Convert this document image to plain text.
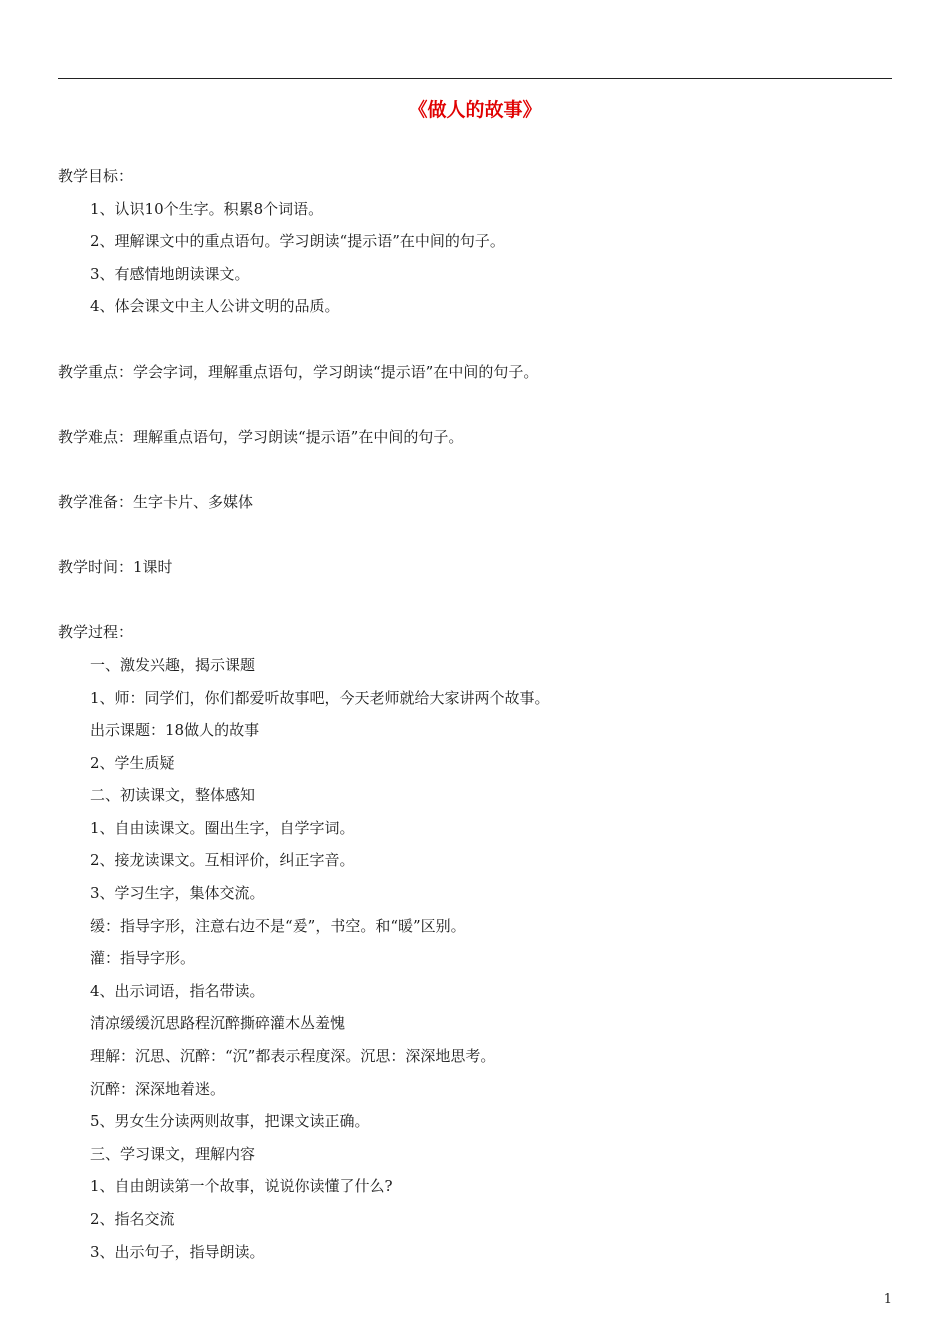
《做人的故事》
教学目标：
1、认识10个生字。积累8个词语。
2、理解课文中的重点语句。学习朗读“提示语”在中间的句子。
3、有感情地朗读课文。
4、体会课文中主人公讲文明的品质。
教学重点：学会字词，理解重点语句，学习朗读“提示语”在中间的句子。
教学难点：理解重点语句，学习朗读“提示语”在中间的句子。
教学准备：生字卡片、多媒体
教学时间：1课时
教学过程：
一、激发兴趣，揭示课题
1、师：同学们，你们都爱听故事吧，今天老师就给大家讲两个故事。
出示课题：18做人的故事
2、学生质疑
二、初读课文，整体感知
1、自由读课文。圈出生字，自学字词。
2、接龙读课文。互相评价，纠正字音。
3、学习生字，集体交流。
缓：指导字形，注意右边不是“爰”，书空。和“暖”区别。
灌：指导字形。
4、出示词语，指名带读。
清凉缓缓沉思路程沉醉撕碎灌木丛羞愧
理解：沉思、沉醉：“沉”都表示程度深。沉思：深深地思考。
沉醉：深深地着迷。
5、男女生分读两则故事，把课文读正确。
三、学习课文，理解内容
1、自由朗读第一个故事，说说你读懂了什么?
2、指名交流
3、出示句子，指导朗读。
1
